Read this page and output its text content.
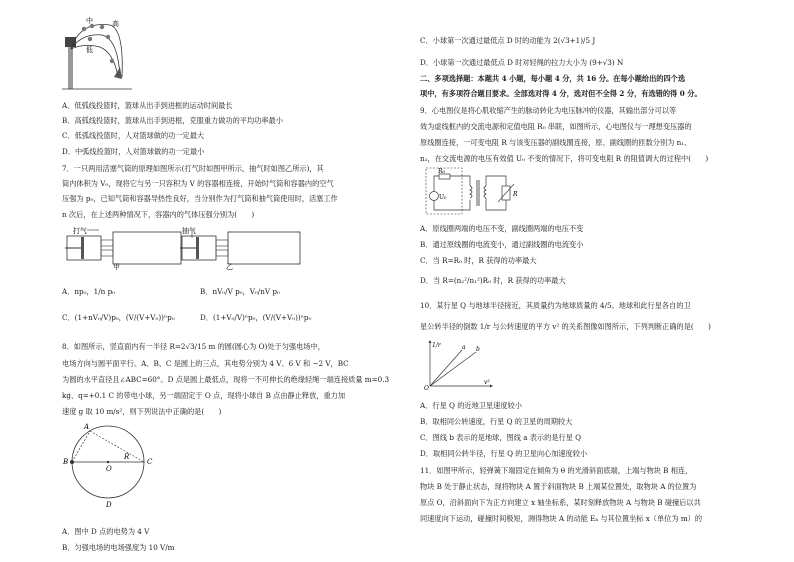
中	高
低
A．低弧线投篮时，篮球从出手到进框的运动时间最长
B．高弧线投篮时，篮球从出手到进框，克服重力做功的平均功率最小
C．低弧线投篮时，人对篮球做的功一定最大
D．中弧线投篮时，人对篮球做的功一定最小
7．一只两用活塞气筒的原理如图所示(打气时如图甲所示，抽气时如图乙所示)，其
筒内体积为 V₀，现将它与另一只容积为 V 的容器相连接，开始时气筒和容器内的空气
压强为 p₀，已知气筒和容器导热性良好，当分别作为打气筒和抽气筒使用时，活塞工作
n 次后，在上述两种情况下，容器内的气体压强分别为(　　)
打气
甲
抽气
乙
A．np₀，1/n p₀	B．nV₀/V p₀，V₀/nV p₀
C．(1+nV₀/V)p₀，(V/(V+V₀))ⁿp₀	D．(1+V₀/V)ⁿp₀，(V/(V+V₀))ⁿp₀
8．如图所示，竖直面内有一半径 R=2√3/15 m 的圆(圆心为 O)处于匀强电场中，
电场方向与圆平面平行。A、B、C 是圆上的三点，其电势分别为 4 V、6 V 和 −2 V，BC
为圆的水平直径且∠ABC=60°。D 点是圆上最低点，现将一不可伸长的绝缘轻绳一端连接质量 m=0.3
kg、q=+0.1 C 的带电小球，另一端固定于 O 点，现将小球自 B 点由静止释放，重力加
速度 g 取 10 m/s²，则下列说法中正确的是(　　)
A
B
O
R
C
D
A．图中 D 点的电势为 4 V
B．匀强电场的电场强度为 10 V/m
C．小球第一次通过最低点 D 时的动能为 2(√3+1)/5 J
D．小球第一次通过最低点 D 时对轻绳的拉力大小为 (9+√3) N
二、多项选择题：本题共 4 小题，每小题 4 分，共 16 分。在每小题给出的四个选
项中，有多项符合题目要求。全部选对得 4 分，选对但不全得 2 分，有选错的得 0 分。
9．心电图仪是将心肌收缩产生的脉动转化为电压脉冲的仪器，其输出部分可以等
效为虚线框内的交流电源和定值电阻 R₀ 串联，如图所示，心电图仪与一理想变压器的
原线圈连接，一可变电阻 R 与该变压器的副线圈连接，原、副线圈的匝数分别为 n₁、
n₂，在交流电源的电压有效值 U₀ 不变的情况下，将可变电阻 R 的阻值调大的过程中(　　)
R₀
U₀	R
A．原线圈两端的电压不变，副线圈两端的电压不变
B．通过原线圈的电流变小，通过副线圈的电流变小
C．当 R=R₀ 时，R 获得的功率最大
D．当 R=(n₂²/n₁²)R₀ 时，R 获得的功率最大
10．某行星 Q 与地球半径接近，其质量约为地球质量的 4/5。地球和此行星各自的卫
星公转半径的倒数 1/r 与公转速度的平方 v² 的关系图像如图所示，下列判断正确的是(　　)
1/r	a b
O
v²
A．行星 Q 的近地卫星速度较小
B．取相同公转速度，行星 Q 的卫星的周期较大
C．图线 b 表示的是地球，图线 a 表示的是行星 Q
D．取相同公转半径，行星 Q 的卫星向心加速度较小
11．如图甲所示，轻弹簧下端固定在倾角为 θ 的光滑斜面底端，上端与物块 B 相连，
物块 B 处于静止状态，现将物块 A 置于斜面物块 B 上端某位置处，取物块 A 的位置为
原点 O，沿斜面向下为正方向建立 x 轴坐标系，某时刻释放物块 A 与物块 B 碰撞后以共
同速度向下运动，碰撞时间极短，测得物块 A 的动能 Eₖ 与其位置坐标 x（单位为 m）的
